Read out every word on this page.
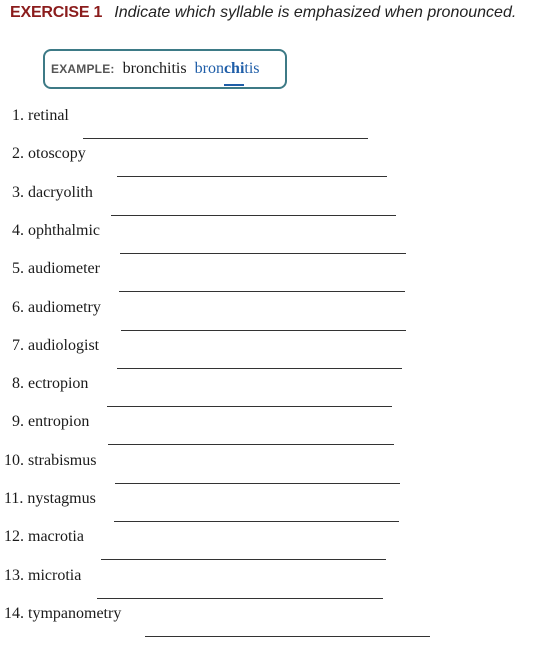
EXERCISE 1 Indicate which syllable is emphasized when pronounced.
EXAMPLE: bronchitis bronchitis
1. retinal
2. otoscopy
3. dacryolith
4. ophthalmic
5. audiometer
6. audiometry
7. audiologist
8. ectropion
9. entropion
10. strabismus
11. nystagmus
12. macrotia
13. microtia
14. tympanometry
